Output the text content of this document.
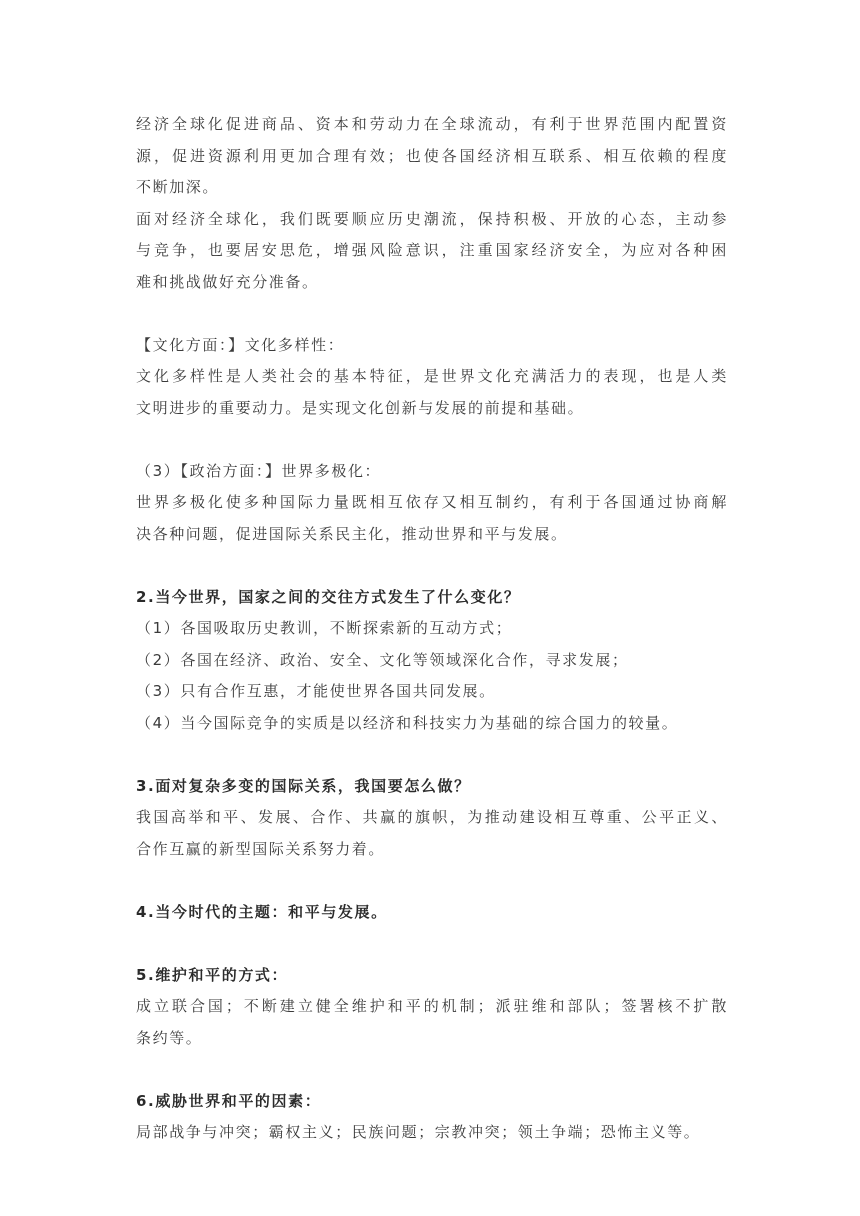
经济全球化促进商品、资本和劳动力在全球流动，有利于世界范围内配置资
源，促进资源利用更加合理有效；也使各国经济相互联系、相互依赖的程度
不断加深。
面对经济全球化，我们既要顺应历史潮流，保持积极、开放的心态，主动参
与竞争，也要居安思危，增强风险意识，注重国家经济安全，为应对各种困
难和挑战做好充分准备。
【文化方面：】文化多样性：
文化多样性是人类社会的基本特征，是世界文化充满活力的表现，也是人类
文明进步的重要动力。是实现文化创新与发展的前提和基础。
（3）【政治方面：】世界多极化：
世界多极化使多种国际力量既相互依存又相互制约，有利于各国通过协商解
决各种问题，促进国际关系民主化，推动世界和平与发展。
2.当今世界，国家之间的交往方式发生了什么变化？
（1）各国吸取历史教训，不断探索新的互动方式；
（2）各国在经济、政治、安全、文化等领域深化合作，寻求发展；
（3）只有合作互惠，才能使世界各国共同发展。
（4）当今国际竞争的实质是以经济和科技实力为基础的综合国力的较量。
3.面对复杂多变的国际关系，我国要怎么做？
我国高举和平、发展、合作、共赢的旗帜，为推动建设相互尊重、公平正义、
合作互赢的新型国际关系努力着。
4.当今时代的主题：和平与发展。
5.维护和平的方式：
成立联合国；不断建立健全维护和平的机制；派驻维和部队；签署核不扩散
条约等。
6.威胁世界和平的因素：
局部战争与冲突；霸权主义；民族问题；宗教冲突；领土争端；恐怖主义等。
